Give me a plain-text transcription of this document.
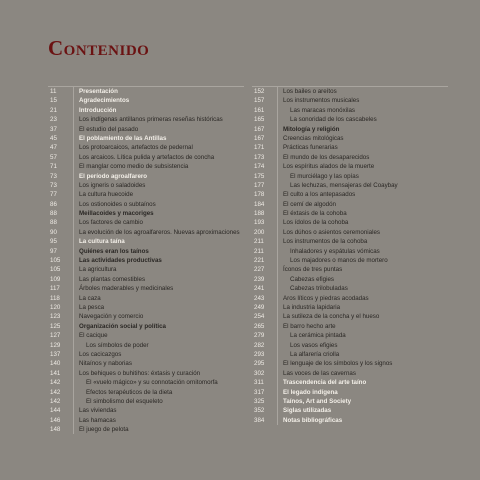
Contenido
11	Presentación
15	Agradecimientos
21	Introducción
23	Los indígenas antillanos primeras reseñas históricas
37	El estudio del pasado
45	El poblamiento de las Antillas
47	Los protoarcaicos, artefactos de pedernal
57	Los arcaicos. Lítica pulida y artefactos de concha
71	El manglar como medio de subsistencia
73	El período agroalfarero
73	Los igneris o saladoides
77	La cultura huecoide
86	Los ostionoides o subtaínos
88	Meillacoides y macoriges
88	Los factores de cambio
90	La evolución de los agroalfareros. Nuevas aproximaciones
95	La cultura taína
97	Quiénes eran los taínos
105	Las actividades productivas
105	La agricultura
109	Las plantas comestibles
117	Árboles maderables y medicinales
118	La caza
120	La pesca
123	Navegación y comercio
125	Organización social y política
127	El cacique
129	Los símbolos de poder
137	Los cacicazgos
140	Nitaínos y naborias
141	Los behiques o buhitihos: éxtasis y curación
142	El «vuelo mágico» y su connotación ornitomorfa
142	Efectos terapéuticos de la dieta
142	El simbolismo del esqueleto
144	Las viviendas
146	Las hamacas
148	El juego de pelota
152	Los bailes o areítos
157	Los instrumentos musicales
161	Las maracas monóxilas
165	La sonoridad de los cascabeles
167	Mitología y religión
167	Creencias mitológicas
171	Prácticas funerarias
173	El mundo de los desaparecidos
174	Los espíritus alados de la muerte
175	El murciélago y las opías
177	Las lechuzas, mensajeras del Coaybay
178	El culto a los antepasados
184	El cemí de algodón
188	El éxtasis de la cohoba
193	Los ídolos de la cohoba
200	Los dúhos o asientos ceremoniales
211	Los instrumentos de la cohoba
211	Inhaladores y espátulas vómicas
221	Los majadores o manos de mortero
227	Íconos de tres puntas
239	Cabezas efigies
241	Cabezas trilobuladas
243	Aros líticos y piedras acodadas
249	La industria lapidaria
254	La sutileza de la concha y el hueso
265	El barro hecho arte
279	La cerámica pintada
282	Los vasos efigies
293	La alfarería criolla
295	El lenguaje de los símbolos y los signos
302	Las voces de las cavernas
311	Trascendencia del arte taíno
317	El legado indígena
325	Taínos, Art and Society
352	Siglas utilizadas
384	Notas bibliográficas
